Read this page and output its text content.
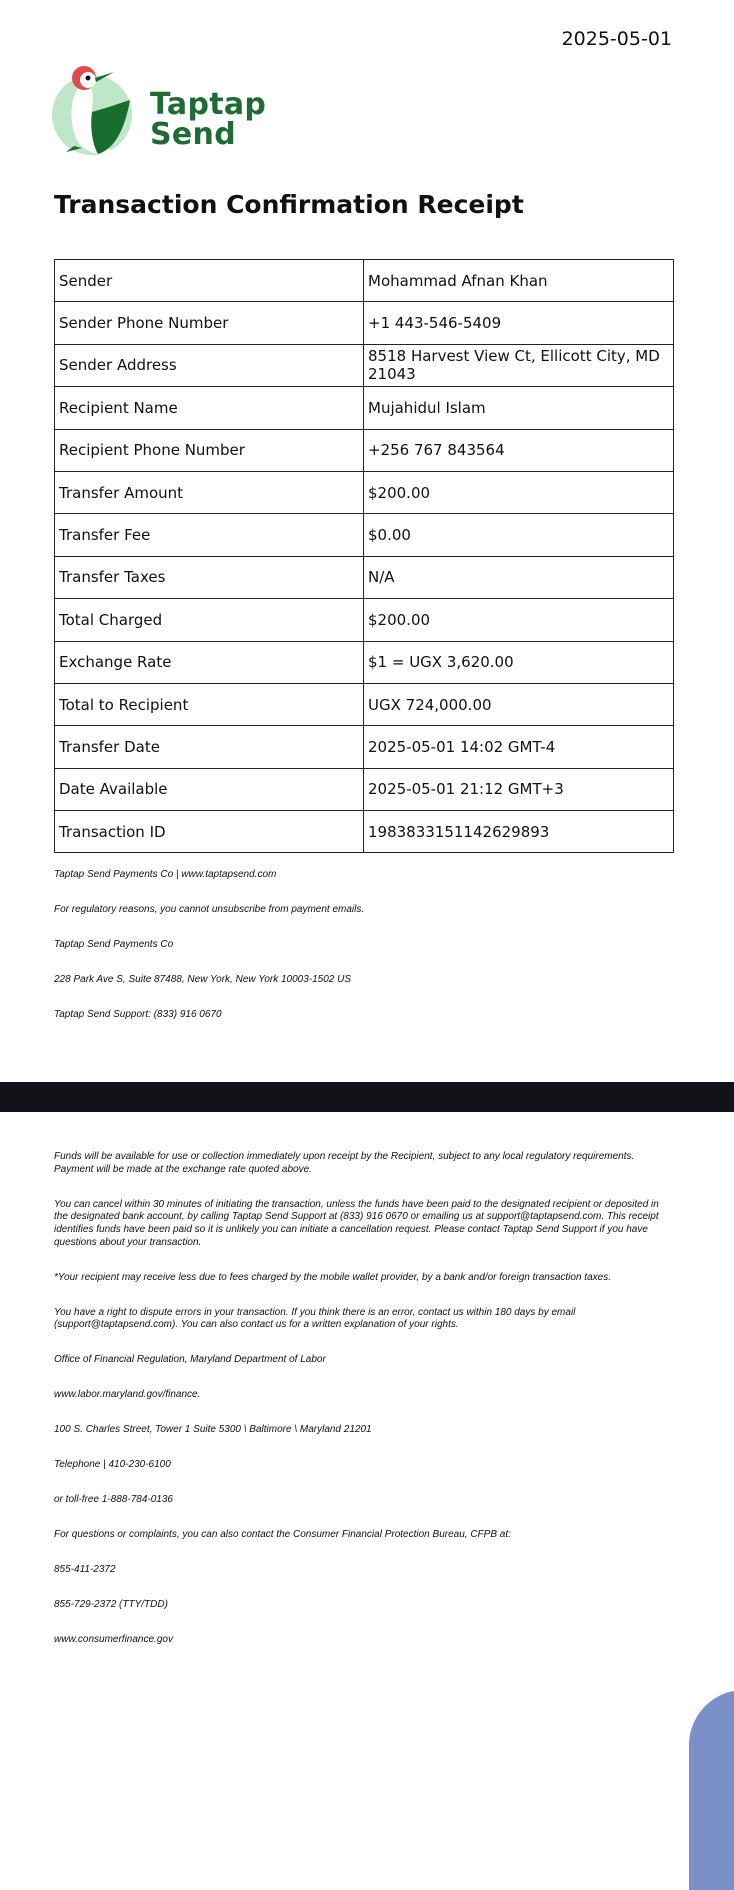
2025-05-01
Taptap
Send
Transaction Confirmation Receipt
Sender	Mohammad Afnan Khan
Sender Phone Number	+1 443-546-5409
Sender Address	8518 Harvest View Ct, Ellicott City, MD 21043
Recipient Name	Mujahidul Islam
Recipient Phone Number	+256 767 843564
Transfer Amount	$200.00
Transfer Fee	$0.00
Transfer Taxes	N/A
Total Charged	$200.00
Exchange Rate	$1 = UGX 3,620.00
Total to Recipient	UGX 724,000.00
Transfer Date	2025-05-01 14:02 GMT-4
Date Available	2025-05-01 21:12 GMT+3
Transaction ID	1983833151142629893

Taptap Send Payments Co | www.taptapsend.com

For regulatory reasons, you cannot unsubscribe from payment emails.

Taptap Send Payments Co

228 Park Ave S, Suite 87488, New York, New York 10003-1502 US

Taptap Send Support: (833) 916 0670

Funds will be available for use or collection immediately upon receipt by the Recipient, subject to any local regulatory requirements. Payment will be made at the exchange rate quoted above.

You can cancel within 30 minutes of initiating the transaction, unless the funds have been paid to the designated recipient or deposited in the designated bank account, by calling Taptap Send Support at (833) 916 0670 or emailing us at support@taptapsend.com. This receipt identifies funds have been paid so it is unlikely you can initiate a cancellation request. Please contact Taptap Send Support if you have questions about your transaction.

*Your recipient may receive less due to fees charged by the mobile wallet provider, by a bank and/or foreign transaction taxes.

You have a right to dispute errors in your transaction. If you think there is an error, contact us within 180 days by email (support@taptapsend.com). You can also contact us for a written explanation of your rights.

Office of Financial Regulation, Maryland Department of Labor

www.labor.maryland.gov/finance.

100 S. Charles Street, Tower 1 Suite 5300 \ Baltimore \ Maryland 21201

Telephone | 410-230-6100

or toll-free 1-888-784-0136

For questions or complaints, you can also contact the Consumer Financial Protection Bureau, CFPB at:

855-411-2372

855-729-2372 (TTY/TDD)

www.consumerfinance.gov
